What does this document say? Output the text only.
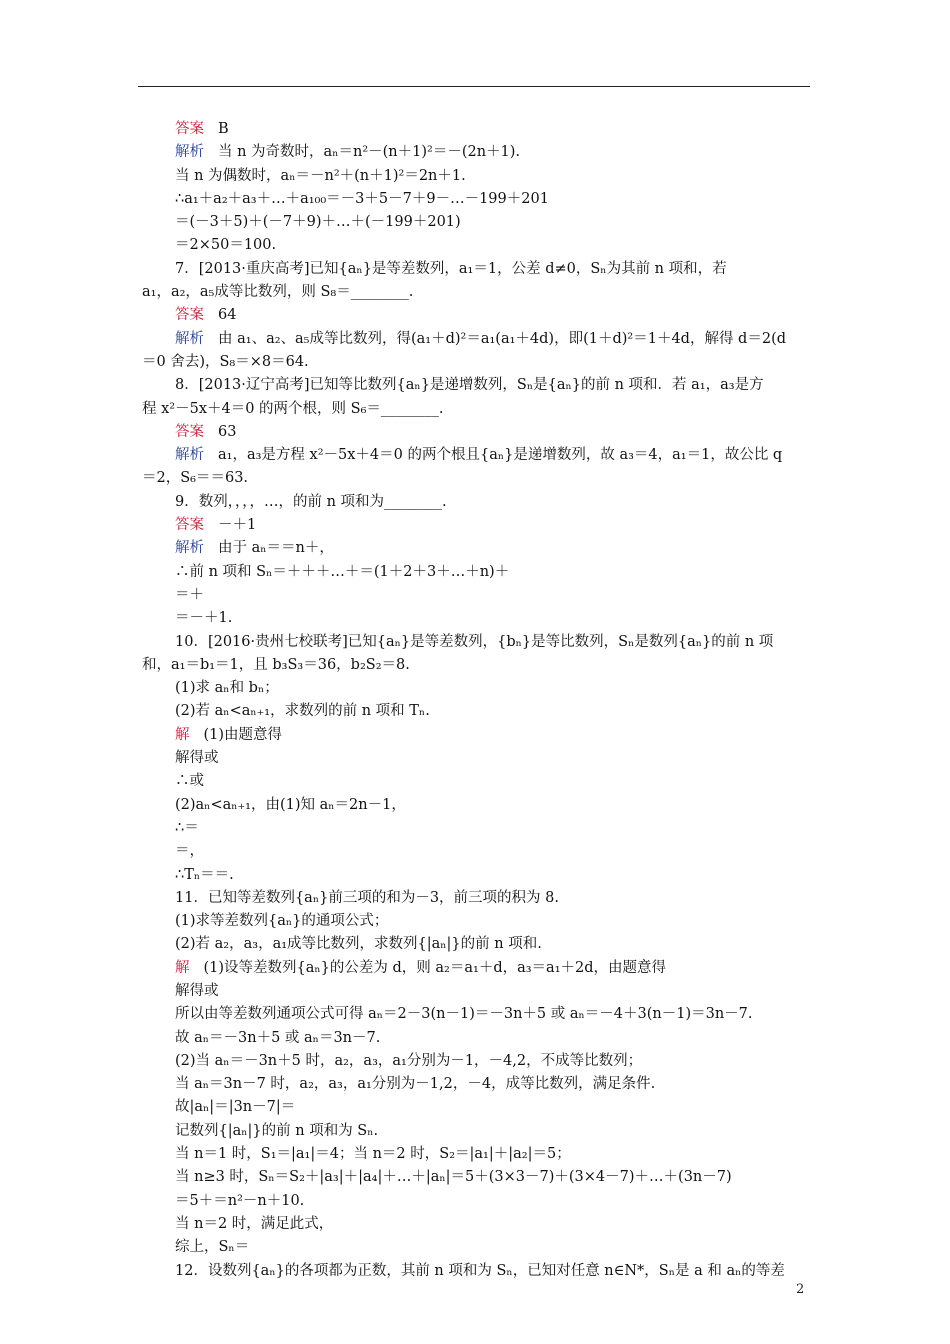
答案 B
解析 当 n 为奇数时，aₙ＝n²－(n＋1)²＝－(2n＋1).
当 n 为偶数时，aₙ＝－n²＋(n＋1)²＝2n＋1.
∴a₁＋a₂＋a₃＋…＋a₁₀₀＝－3＋5－7＋9－…－199＋201
＝(－3＋5)＋(－7＋9)＋…＋(－199＋201)
＝2×50＝100.
7．[2013·重庆高考]已知{aₙ}是等差数列，a₁＝1，公差 d≠0，Sₙ为其前 n 项和，若
a₁，a₂，a₅成等比数列，则 S₈＝________.
答案 64
解析 由 a₁、a₂、a₅成等比数列，得(a₁＋d)²＝a₁(a₁＋4d)，即(1＋d)²＝1＋4d，解得 d＝2(d
＝0 舍去)，S₈＝×8＝64.
8．[2013·辽宁高考]已知等比数列{aₙ}是递增数列，Sₙ是{aₙ}的前 n 项和．若 a₁，a₃是方
程 x²－5x＋4＝0 的两个根，则 S₆＝________.
答案 63
解析 a₁，a₃是方程 x²－5x＋4＝0 的两个根且{aₙ}是递增数列，故 a₃＝4，a₁＝1，故公比 q
＝2，S₆＝＝63.
9．数列，，，，…，的前 n 项和为________.
答案 －＋1
解析 由于 aₙ＝＝n＋，
∴前 n 项和 Sₙ＝＋＋＋…＋＝(1＋2＋3＋…＋n)＋
＝＋
＝－＋1.
10．[2016·贵州七校联考]已知{aₙ}是等差数列，{bₙ}是等比数列，Sₙ是数列{aₙ}的前 n 项
和，a₁＝b₁＝1，且 b₃S₃＝36，b₂S₂＝8.
(1)求 aₙ和 bₙ；
(2)若 aₙ<aₙ₊₁，求数列的前 n 项和 Tₙ.
解 (1)由题意得
解得或
∴或
(2)aₙ<aₙ₊₁，由(1)知 aₙ＝2n－1，
∴＝
＝，
∴Tₙ＝＝.
11．已知等差数列{aₙ}前三项的和为－3，前三项的积为 8.
(1)求等差数列{aₙ}的通项公式；
(2)若 a₂，a₃，a₁成等比数列，求数列{|aₙ|}的前 n 项和.
解 (1)设等差数列{aₙ}的公差为 d，则 a₂＝a₁＋d，a₃＝a₁＋2d，由题意得
解得或
所以由等差数列通项公式可得 aₙ＝2－3(n－1)＝－3n＋5 或 aₙ＝－4＋3(n－1)＝3n－7.
故 aₙ＝－3n＋5 或 aₙ＝3n－7.
(2)当 aₙ＝－3n＋5 时，a₂，a₃，a₁分别为－1，－4,2，不成等比数列；
当 aₙ＝3n－7 时，a₂，a₃，a₁分别为－1,2，－4，成等比数列，满足条件.
故|aₙ|＝|3n－7|＝
记数列{|aₙ|}的前 n 项和为 Sₙ.
当 n＝1 时，S₁＝|a₁|＝4；当 n＝2 时，S₂＝|a₁|＋|a₂|＝5；
当 n≥3 时，Sₙ＝S₂＋|a₃|＋|a₄|＋…＋|aₙ|＝5＋(3×3－7)＋(3×4－7)＋…＋(3n－7)
＝5＋＝n²－n＋10.
当 n＝2 时，满足此式，
综上，Sₙ＝
12．设数列{aₙ}的各项都为正数，其前 n 项和为 Sₙ，已知对任意 n∈N*，Sₙ是 a 和 aₙ的等差
2
